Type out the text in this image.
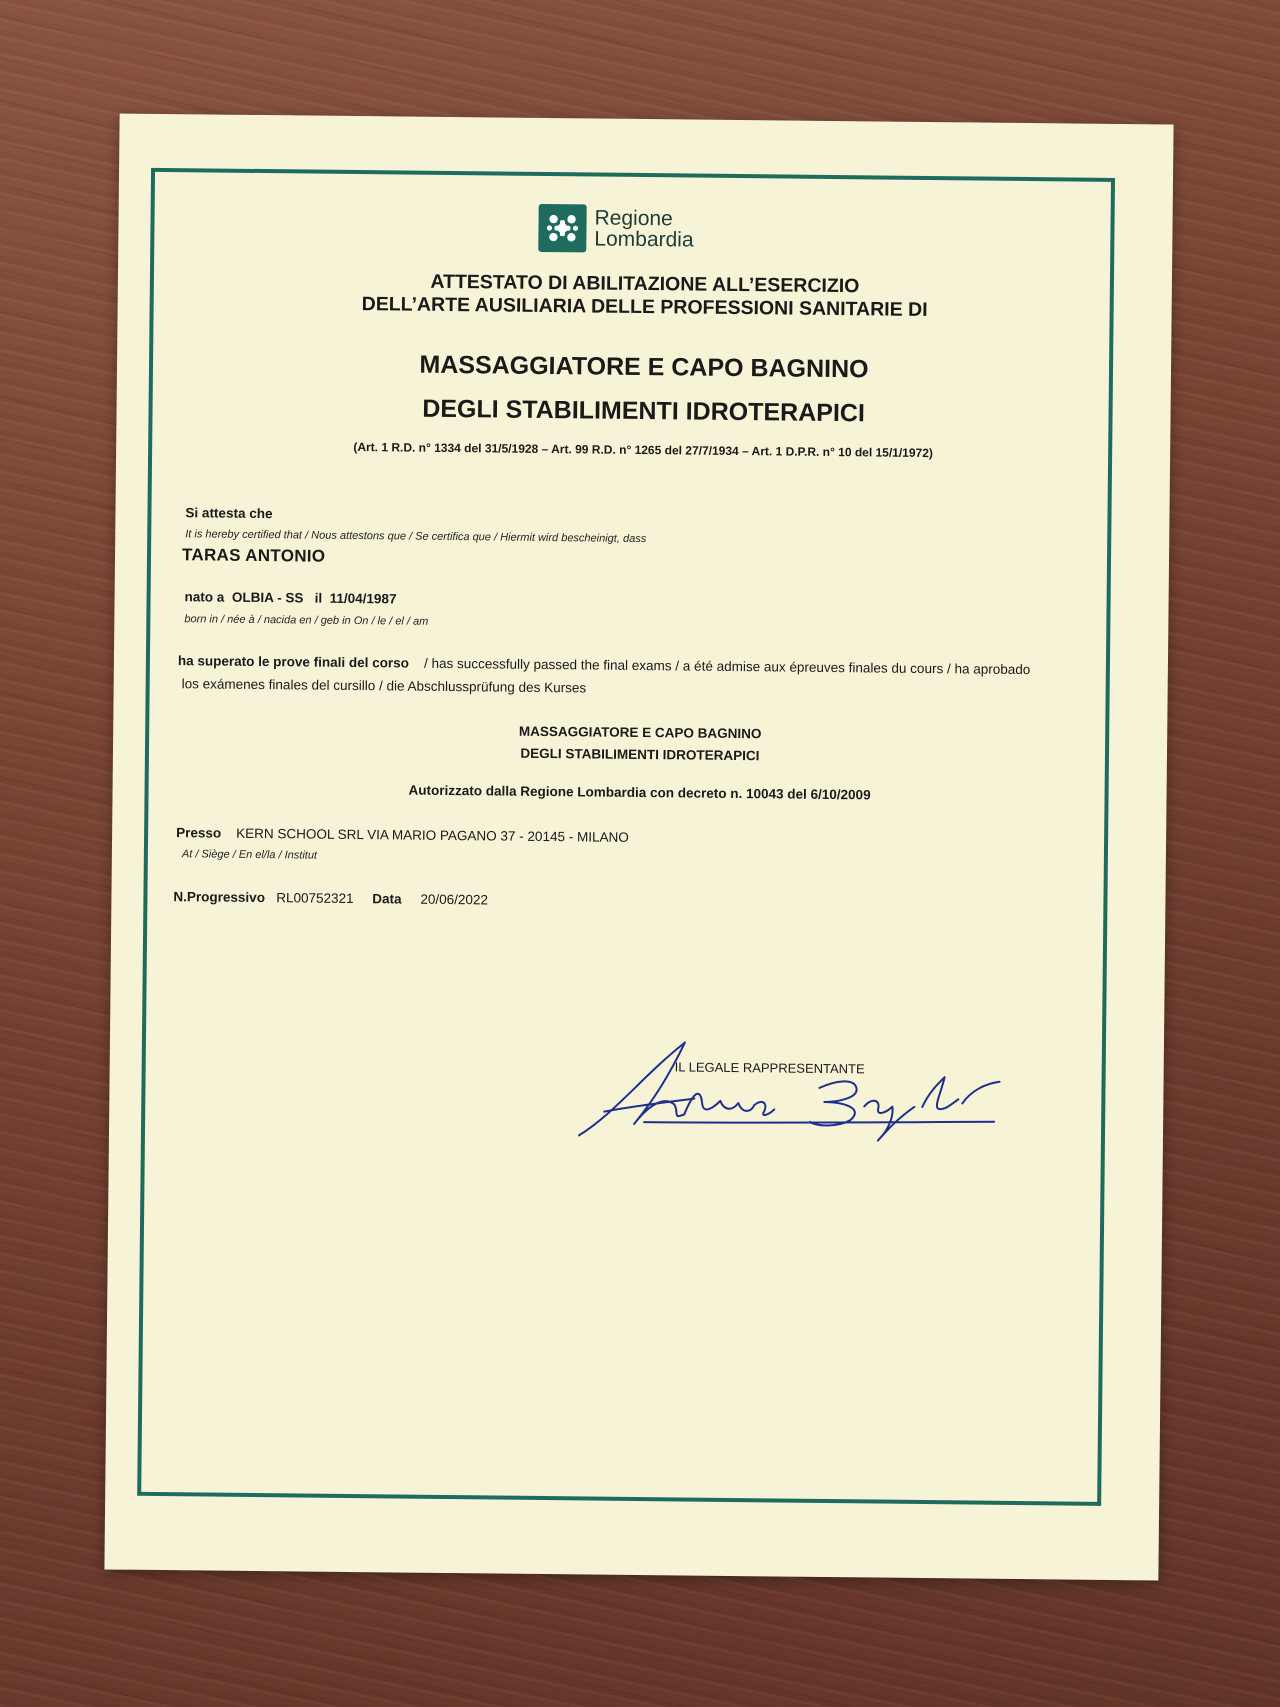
Regione
Lombardia
ATTESTATO DI ABILITAZIONE ALL’ESERCIZIO
DELL’ARTE AUSILIARIA DELLE PROFESSIONI SANITARIE DI
MASSAGGIATORE E CAPO BAGNINO
DEGLI STABILIMENTI IDROTERAPICI
(Art. 1 R.D. n° 1334 del 31/5/1928 – Art. 99 R.D. n° 1265 del 27/7/1934 – Art. 1 D.P.R. n° 10 del 15/1/1972)
Si attesta che
It is hereby certified that / Nous attestons que / Se certifica que / Hiermit wird bescheinigt, dass
TARAS ANTONIO
nato a OLBIA - SS il 11/04/1987
born in / née à / nacida en / geb in On / le / el / am
ha superato le prove finali del corso / has successfully passed the final exams / a été admise aux épreuves finales du cours / ha aprobado
los exámenes finales del cursillo / die Abschlussprüfung des Kurses
MASSAGGIATORE E CAPO BAGNINO
DEGLI STABILIMENTI IDROTERAPICI
Autorizzato dalla Regione Lombardia con decreto n. 10043 del 6/10/2009
Presso KERN SCHOOL SRL VIA MARIO PAGANO 37 - 20145 - MILANO
At / Siège / En el/la / Institut
N.Progressivo RL00752321 Data 20/06/2022
IL LEGALE RAPPRESENTANTE
